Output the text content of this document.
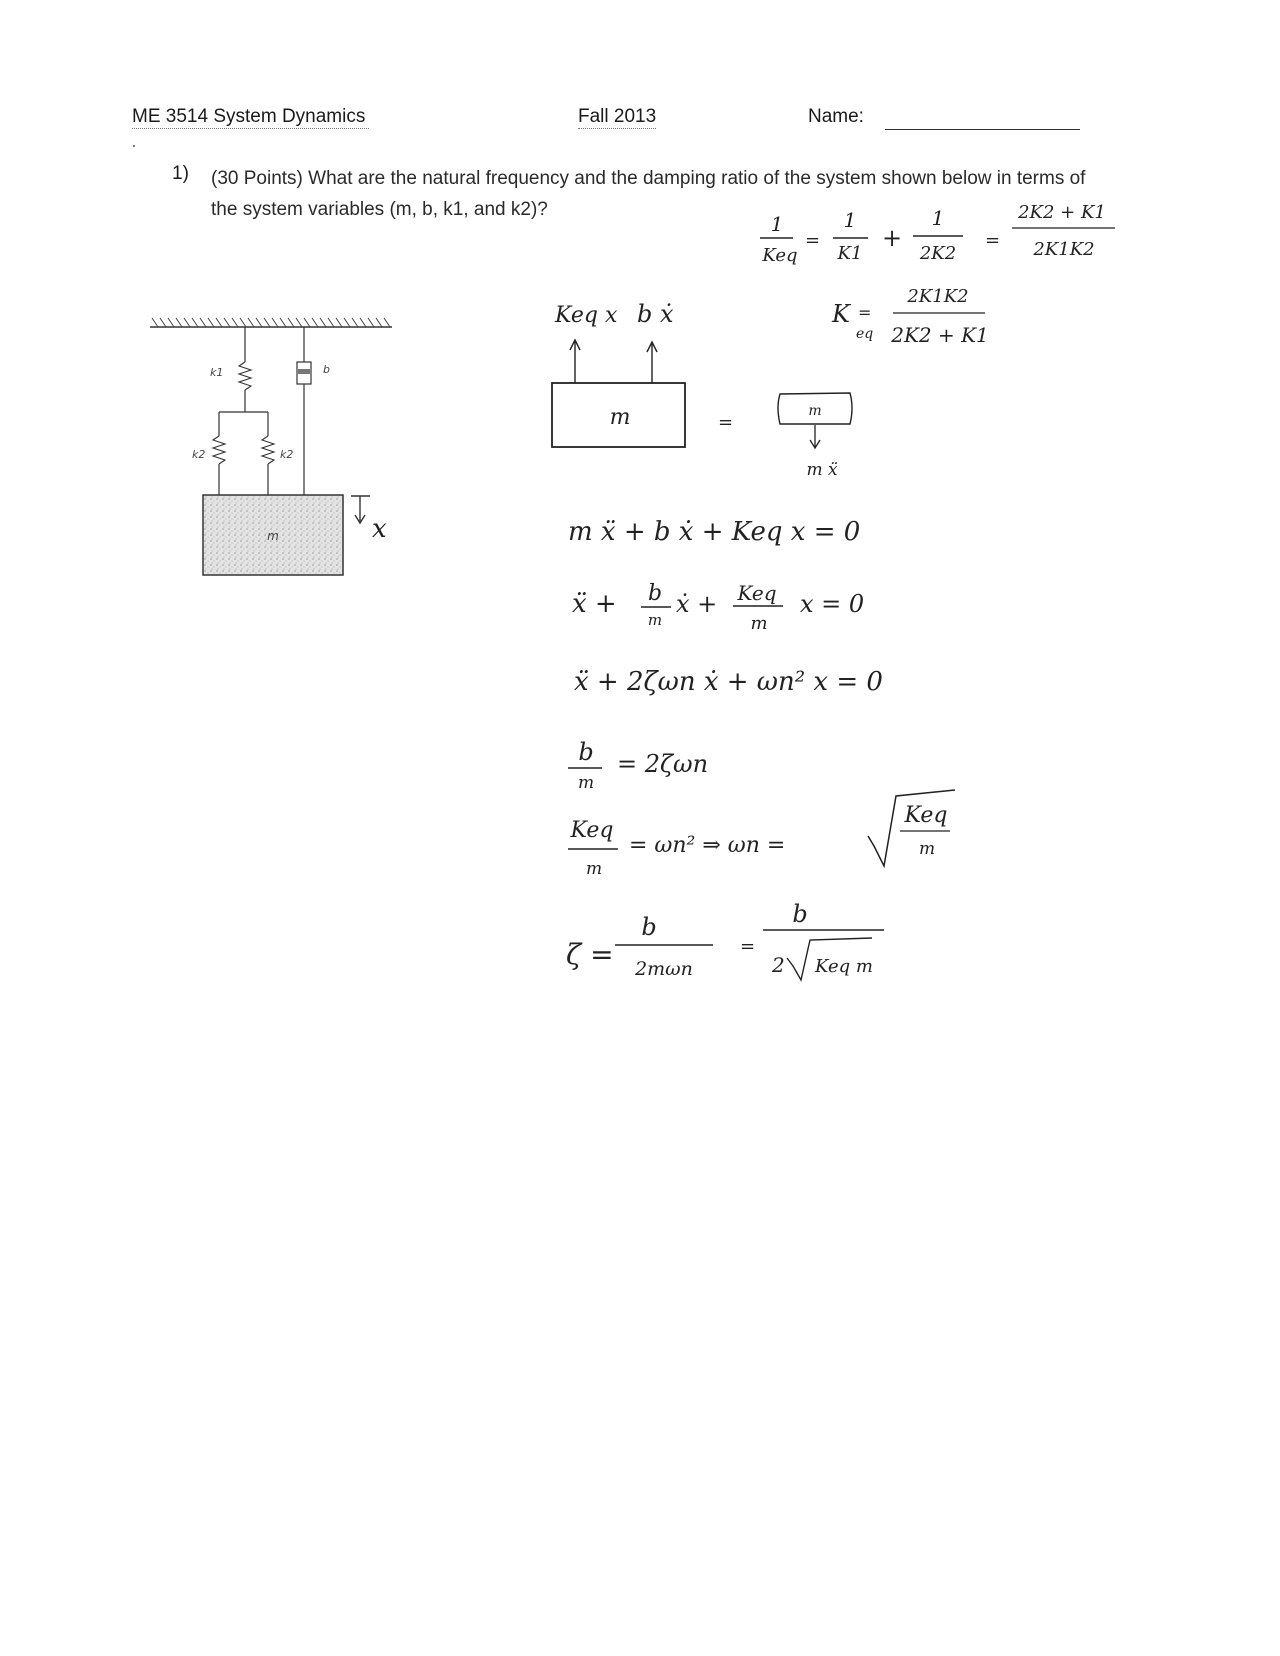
ME 3514 System Dynamics	Fall 2013	Name:
1) (30 Points) What are the natural frequency and the damping ratio of the system shown below in terms of the system variables (m, b, k1, and k2)?
k1	b
k2	k2
m	x
1
Keq
=
1
K1
+
1
2K2
=
2K2 + K1
2K1K2
K
eq
=
2K1K2
2K2 + K1
Keq x b ẋ
m	=
m
m ẍ
m ẍ + b ẋ + Keq x = 0
ẍ + b
m
ẋ + Keq
m
x = 0
ẍ + 2ζωn ẋ + ωn² x = 0
b
m
= 2ζωn
Keq
m
= ωn² ⇒ ωn =
Keq
m
ζ =
b
2mωn
=
b
2 Keq m
